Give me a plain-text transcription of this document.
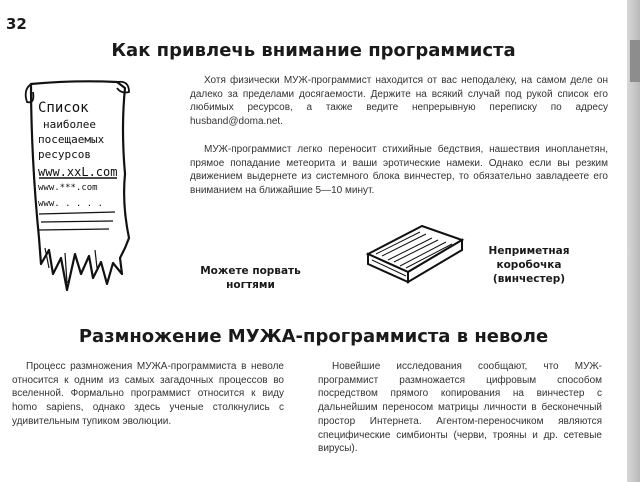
32
Как привлечь внимание программиста
Список
наиболее
посещаемых
ресурсов
www.xxL.com
www.***.com
www. . . . .
Можете порвать
ногтями
Хотя физически МУЖ-программист находится от вас неподалеку, на самом деле он далеко за пределами досягаемости. Держите на всякий случай под рукой список его любимых ресурсов, а также ведите непрерывную переписку по адресу husband@doma.net.
МУЖ-программист легко переносит стихийные бедствия, нашествия инопланетян, прямое попадание метеорита и ваши эротические намеки. Однако если вы резким движением выдернете из системного блока винчестер, то обязательно завладеете его вниманием на ближайшие 5—10 минут.
Неприметная
коробочка
(винчестер)
Размножение МУЖА-программиста в неволе
Процесс размножения МУЖА-программиста в неволе относится к одним из самых загадочных процессов во вселенной. Формально программист относится к виду homo sapiens, однако здесь ученые столкнулись с удивительным тупиком эволюции.
Новейшие исследования сообщают, что МУЖ-программист размножается цифровым способом посредством прямого копирования на винчестер с дальнейшим переносом матрицы личности в бесконечный простор Интернета. Агентом-переносчиком являются специфические симбионты (черви, трояны и др. сетевые вирусы).
